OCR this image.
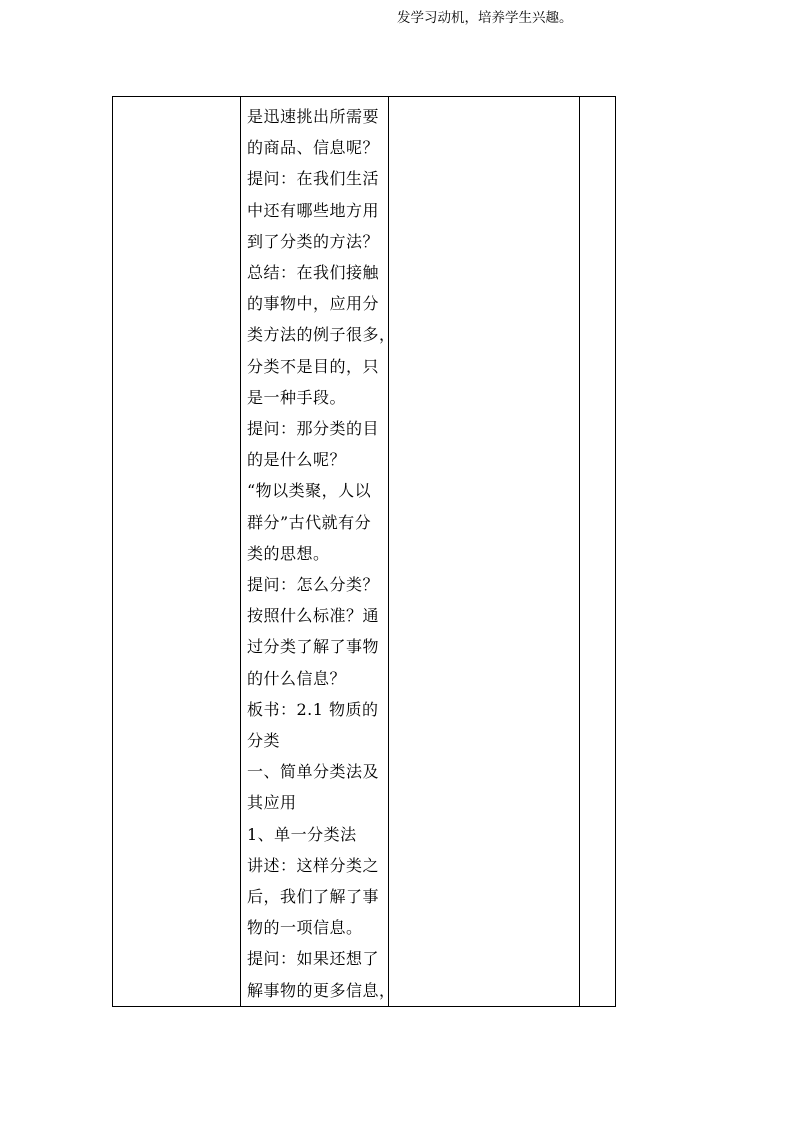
是迅速挑出所需要

的商品、信息呢？

提问：在我们生活

中还有哪些地方用

到了分类的方法？

总结：在我们接触

的事物中，应用分

类方法的例子很多，

分类不是目的，只

是一种手段。

提问：那分类的目

的是什么呢？

“物以类聚，人以

群分”古代就有分

类的思想。

提问：怎么分类？

按照什么标准？通

过分类了解了事物

的什么信息？

板书：2.1 物质的

分类

一、简单分类法及

其应用

1、单一分类法

讲述：这样分类之

后，我们了解了事

物的一项信息。

提问：如果还想了

解事物的更多信息，

发学习动机，培养学生兴趣。
